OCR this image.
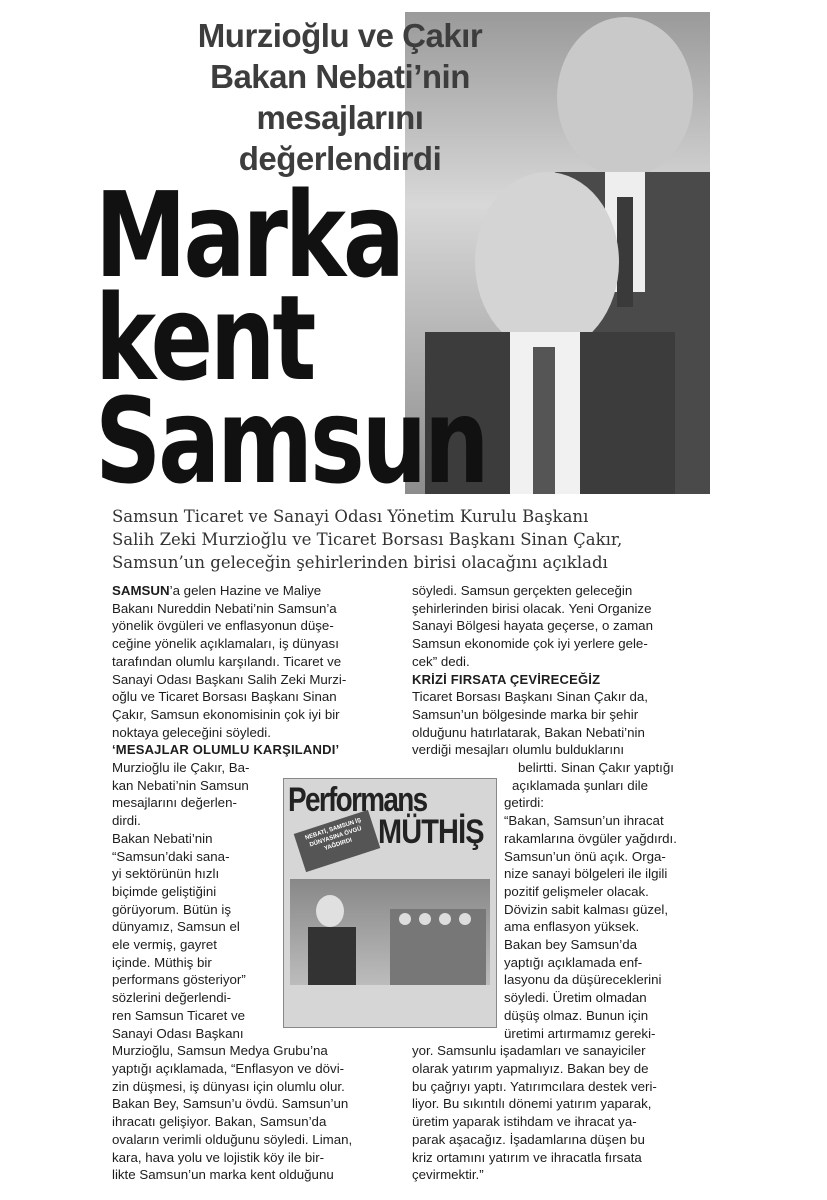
Murzioğlu ve Çakır
Bakan Nebati’nin
mesajlarını değerlendirdi
Marka
kent
Samsun
Samsun Ticaret ve Sanayi Odası Yönetim Kurulu Başkanı
Salih Zeki Murzioğlu ve Ticaret Borsası Başkanı Sinan Çakır,
Samsun’un geleceğin şehirlerinden birisi olacağını açıkladı

SAMSUN’a gelen Hazine ve Maliye

Bakanı Nureddin Nebati’nin Samsun’a

yönelik övgüleri ve enflasyonun düşe-

ceğine yönelik açıklamaları, iş dünyası

tarafından olumlu karşılandı. Ticaret ve

Sanayi Odası Başkanı Salih Zeki Murzi-

oğlu ve Ticaret Borsası Başkanı Sinan

Çakır, Samsun ekonomisinin çok iyi bir

noktaya geleceğini söyledi.

‘MESAJLAR OLUMLU KARŞILANDI’

Murzioğlu ile Çakır, Ba-

kan Nebati’nin Samsun

mesajlarını değerlen-

dirdi.

Bakan Nebati’nin

“Samsun’daki sana-

yi sektörünün hızlı

biçimde geliştiğini

görüyorum. Bütün iş

dünyamız, Samsun el

ele vermiş, gayret

içinde. Müthiş bir

performans gösteriyor”

sözlerini değerlendi-

ren Samsun Ticaret ve

Sanayi Odası Başkanı

Murzioğlu, Samsun Medya Grubu’na

yaptığı açıklamada, “Enflasyon ve dövi-

zin düşmesi, iş dünyası için olumlu olur.

Bakan Bey, Samsun’u övdü. Samsun’un

ihracatı gelişiyor. Bakan, Samsun’da

ovaların verimli olduğunu söyledi. Liman,

kara, hava yolu ve lojistik köy ile bir-

likte Samsun’un marka kent olduğunu

söyledi. Samsun gerçekten geleceğin

şehirlerinden birisi olacak. Yeni Organize

Sanayi Bölgesi hayata geçerse, o zaman

Samsun ekonomide çok iyi yerlere gele-

cek” dedi.

KRİZİ FIRSATA ÇEVİRECEĞİZ

Ticaret Borsası Başkanı Sinan Çakır da,

Samsun’un bölgesinde marka bir şehir

olduğunu hatırlatarak, Bakan Nebati’nin

verdiği mesajları olumlu bulduklarını

belirtti. Sinan Çakır yaptığı

açıklamada şunları dile

getirdi:

“Bakan, Samsun’un ihracat

rakamlarına övgüler yağdırdı.

Samsun’un önü açık. Orga-

nize sanayi bölgeleri ile ilgili

pozitif gelişmeler olacak.

Dövizin sabit kalması güzel,

ama enflasyon yüksek.

Bakan bey Samsun’da

yaptığı açıklamada enf-

lasyonu da düşüreceklerini

söyledi. Üretim olmadan

düşüş olmaz. Bunun için

üretimi artırmamız gereki-

yor. Samsunlu işadamları ve sanayiciler

olarak yatırım yapmalıyız. Bakan bey de

bu çağrıyı yaptı. Yatırımcılara destek veri-

liyor. Bu sıkıntılı dönemi yatırım yaparak,

üretim yaparak istihdam ve ihracat ya-

parak aşacağız. İşadamlarına düşen bu

kriz ortamını yatırım ve ihracatla fırsata

çevirmektir.”

Performans
MÜTHİŞ
NEBATİ, SAMSUN İŞ DÜNYASINA ÖVGÜ YAĞDIRDI
